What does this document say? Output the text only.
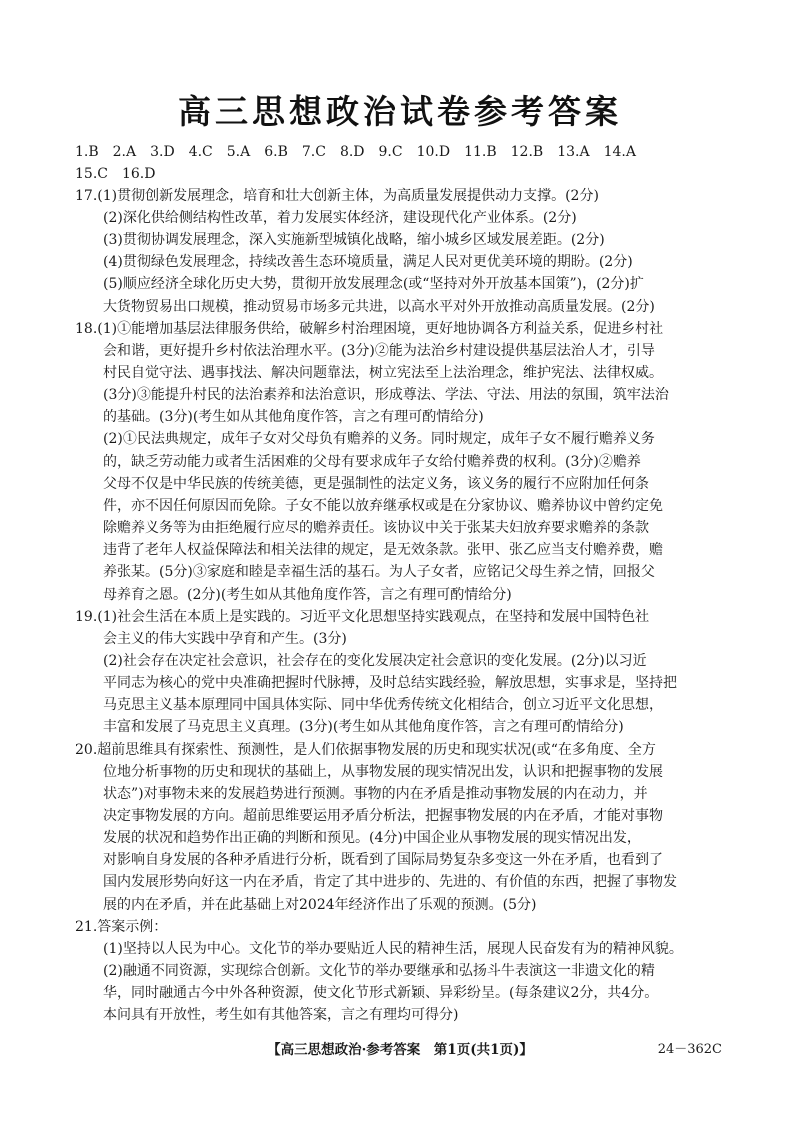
高三思想政治试卷参考答案
1.B　2.A　3.D　4.C　5.A　6.B　7.C　8.D　9.C　10.D　11.B　12.B　13.A　14.A
15.C　16.D
17.(1)贯彻创新发展理念，培育和壮大创新主体，为高质量发展提供动力支撑。(2分)
　　(2)深化供给侧结构性改革，着力发展实体经济，建设现代化产业体系。(2分)
　　(3)贯彻协调发展理念，深入实施新型城镇化战略，缩小城乡区域发展差距。(2分)
　　(4)贯彻绿色发展理念，持续改善生态环境质量，满足人民对更优美环境的期盼。(2分)
　　(5)顺应经济全球化历史大势，贯彻开放发展理念(或“坚持对外开放基本国策”)，(2分)扩
　　大货物贸易出口规模，推动贸易市场多元共进，以高水平对外开放推动高质量发展。(2分)
18.(1)①能增加基层法律服务供给，破解乡村治理困境，更好地协调各方利益关系，促进乡村社
　　会和谐，更好提升乡村依法治理水平。(3分)②能为法治乡村建设提供基层法治人才，引导
　　村民自觉守法、遇事找法、解决问题靠法，树立宪法至上法治理念，维护宪法、法律权威。
　　(3分)③能提升村民的法治素养和法治意识，形成尊法、学法、守法、用法的氛围，筑牢法治
　　的基础。(3分)(考生如从其他角度作答，言之有理可酌情给分)
　　(2)①民法典规定，成年子女对父母负有赡养的义务。同时规定，成年子女不履行赡养义务
　　的，缺乏劳动能力或者生活困难的父母有要求成年子女给付赡养费的权利。(3分)②赡养
　　父母不仅是中华民族的传统美德，更是强制性的法定义务，该义务的履行不应附加任何条
　　件，亦不因任何原因而免除。子女不能以放弃继承权或是在分家协议、赡养协议中曾约定免
　　除赡养义务等为由拒绝履行应尽的赡养责任。该协议中关于张某夫妇放弃要求赡养的条款
　　违背了老年人权益保障法和相关法律的规定，是无效条款。张甲、张乙应当支付赡养费，赡
　　养张某。(5分)③家庭和睦是幸福生活的基石。为人子女者，应铭记父母生养之情，回报父
　　母养育之恩。(2分)(考生如从其他角度作答，言之有理可酌情给分)
19.(1)社会生活在本质上是实践的。习近平文化思想坚持实践观点，在坚持和发展中国特色社
　　会主义的伟大实践中孕育和产生。(3分)
　　(2)社会存在决定社会意识，社会存在的变化发展决定社会意识的变化发展。(2分)以习近
　　平同志为核心的党中央准确把握时代脉搏，及时总结实践经验，解放思想，实事求是，坚持把
　　马克思主义基本原理同中国具体实际、同中华优秀传统文化相结合，创立习近平文化思想，
　　丰富和发展了马克思主义真理。(3分)(考生如从其他角度作答，言之有理可酌情给分)
20.超前思维具有探索性、预测性，是人们依据事物发展的历史和现实状况(或“在多角度、全方
　　位地分析事物的历史和现状的基础上，从事物发展的现实情况出发，认识和把握事物的发展
　　状态”)对事物未来的发展趋势进行预测。事物的内在矛盾是推动事物发展的内在动力，并
　　决定事物发展的方向。超前思维要运用矛盾分析法，把握事物发展的内在矛盾，才能对事物
　　发展的状况和趋势作出正确的判断和预见。(4分)中国企业从事物发展的现实情况出发，
　　对影响自身发展的各种矛盾进行分析，既看到了国际局势复杂多变这一外在矛盾，也看到了
　　国内发展形势向好这一内在矛盾，肯定了其中进步的、先进的、有价值的东西，把握了事物发
　　展的内在矛盾，并在此基础上对2024年经济作出了乐观的预测。(5分)
21.答案示例：
　　(1)坚持以人民为中心。文化节的举办要贴近人民的精神生活，展现人民奋发有为的精神风貌。
　　(2)融通不同资源，实现综合创新。文化节的举办要继承和弘扬斗牛表演这一非遗文化的精
　　华，同时融通古今中外各种资源，使文化节形式新颖、异彩纷呈。(每条建议2分，共4分。
　　本问具有开放性，考生如有其他答案，言之有理均可得分)
【高三思想政治·参考答案　第1页(共1页)】	24－362C
